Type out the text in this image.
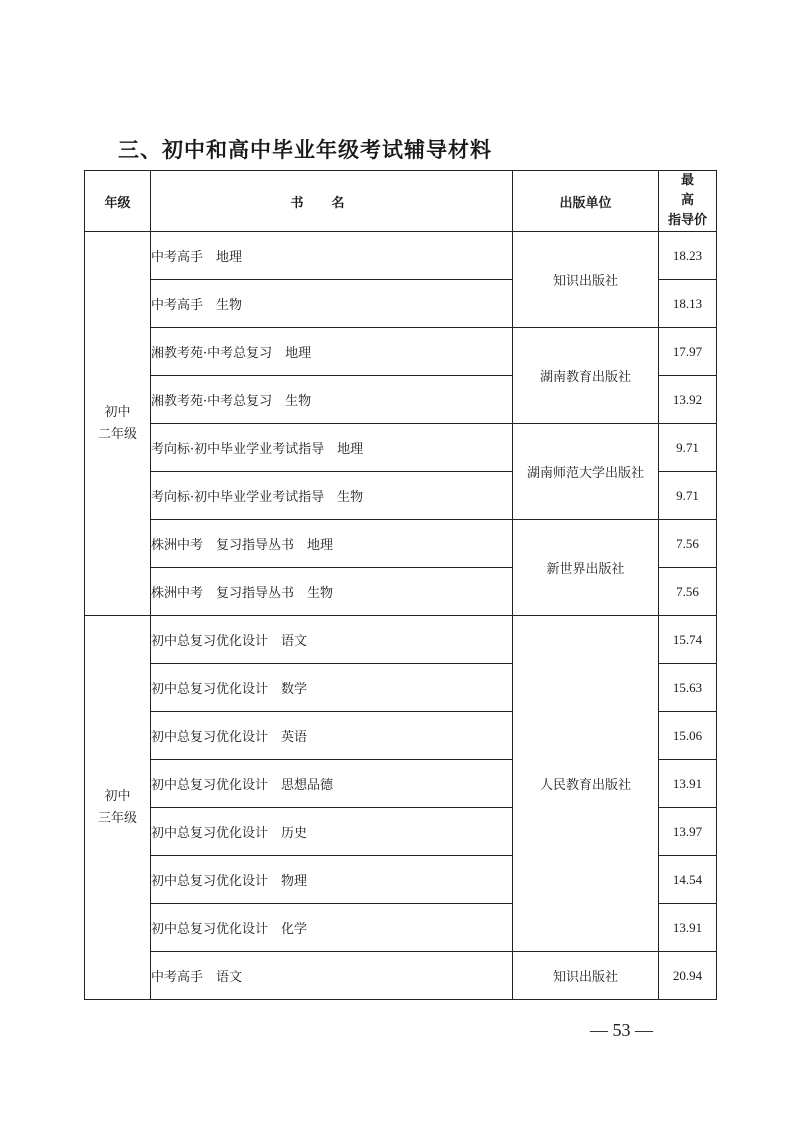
三、初中和高中毕业年级考试辅导材料
年级	书名	出版单位	最高
指导价

初中
二年级	中考高手　地理	知识出版社	18.23
	中考高手　生物		18.13
	湘教考苑·中考总复习　地理	湖南教育出版社	17.97
	湘教考苑·中考总复习　生物		13.92
	考向标·初中毕业学业考试指导　地理	湖南师范大学出版社	9.71
	考向标·初中毕业学业考试指导　生物		9.71
	株洲中考　复习指导丛书　地理	新世界出版社	7.56
	株洲中考　复习指导丛书　生物		7.56

初中
三年级	初中总复习优化设计　语文	人民教育出版社	15.74
	初中总复习优化设计　数学		15.63
	初中总复习优化设计　英语		15.06
	初中总复习优化设计　思想品德		13.91
	初中总复习优化设计　历史		13.97
	初中总复习优化设计　物理		14.54
	初中总复习优化设计　化学		13.91
	中考高手　语文	知识出版社	20.94
— 53 —
